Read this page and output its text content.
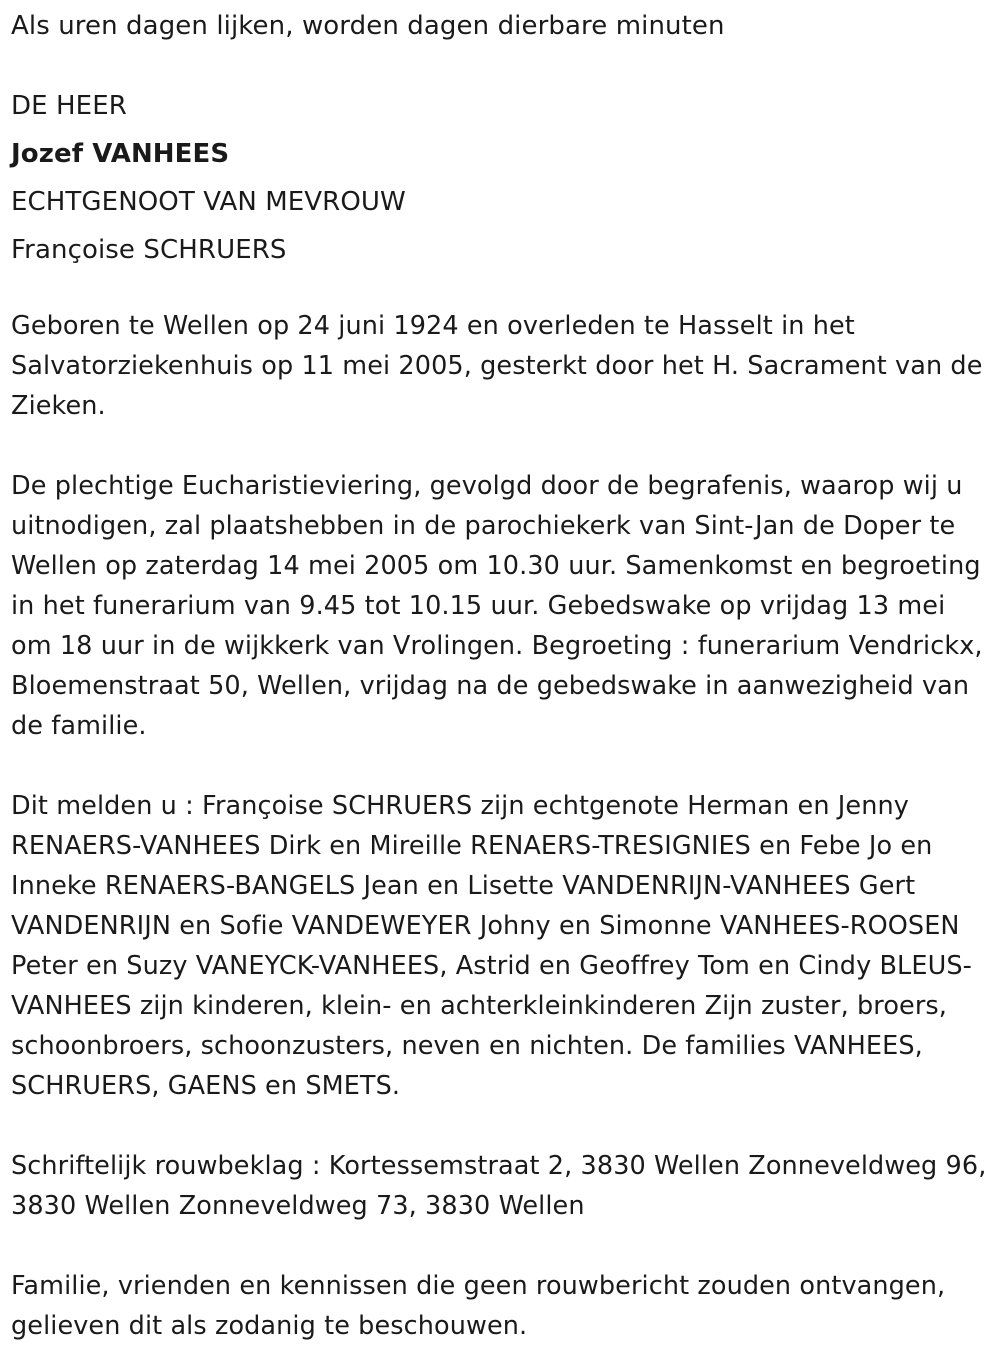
Als uren dagen lijken, worden dagen dierbare minuten

DE HEER

Jozef VANHEES

ECHTGENOOT VAN MEVROUW

Françoise SCHRUERS

Geboren te Wellen op 24 juni 1924 en overleden te Hasselt in het Salvatorziekenhuis op 11 mei 2005, gesterkt door het H. Sacrament van de Zieken.

De plechtige Eucharistieviering, gevolgd door de begrafenis, waarop wij u uitnodigen, zal plaatshebben in de parochiekerk van Sint-Jan de Doper te Wellen op zaterdag 14 mei 2005 om 10.30 uur. Samenkomst en begroeting in het funerarium van 9.45 tot 10.15 uur. Gebedswake op vrijdag 13 mei om 18 uur in de wijkkerk van Vrolingen. Begroeting : funerarium Vendrickx, Bloemenstraat 50, Wellen, vrijdag na de gebedswake in aanwezigheid van de familie.

Dit melden u : Françoise SCHRUERS zijn echtgenote Herman en Jenny RENAERS-VANHEES Dirk en Mireille RENAERS-TRESIGNIES en Febe Jo en Inneke RENAERS-BANGELS Jean en Lisette VANDENRIJN-VANHEES Gert VANDENRIJN en Sofie VANDEWEYER Johny en Simonne VANHEES-ROOSEN Peter en Suzy VANEYCK-VANHEES, Astrid en Geoffrey Tom en Cindy BLEUS-VANHEES zijn kinderen, klein- en achterkleinkinderen Zijn zuster, broers, schoonbroers, schoonzusters, neven en nichten. De families VANHEES, SCHRUERS, GAENS en SMETS.

Schriftelijk rouwbeklag : Kortessemstraat 2, 3830 Wellen Zonneveldweg 96, 3830 Wellen Zonneveldweg 73, 3830 Wellen

Familie, vrienden en kennissen die geen rouwbericht zouden ontvangen, gelieven dit als zodanig te beschouwen.
